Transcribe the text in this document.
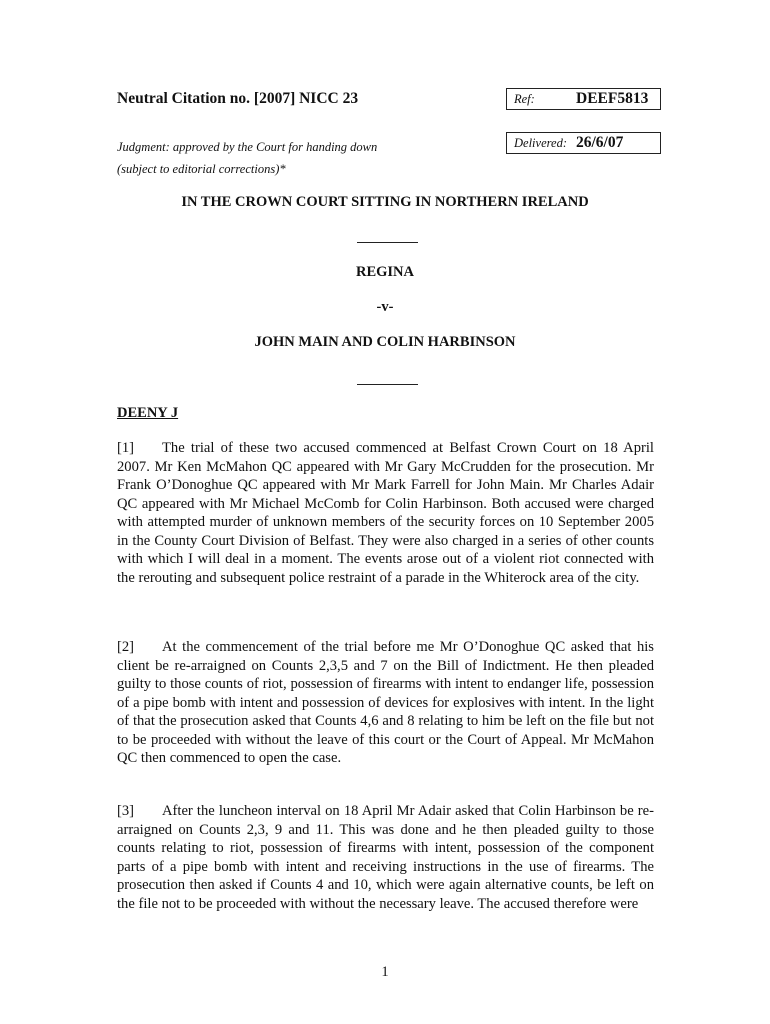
Neutral Citation no. [2007] NICC 23	Ref:	DEEF5813
Judgment: approved by the Court for handing down
(subject to editorial corrections)*
Delivered: 26/6/07
IN THE CROWN COURT SITTING IN NORTHERN IRELAND
REGINA
-v-
JOHN MAIN AND COLIN HARBINSON
DEENY J
[1] The trial of these two accused commenced at Belfast Crown Court on 18 April 2007. Mr Ken McMahon QC appeared with Mr Gary McCrudden for the prosecution. Mr Frank O’Donoghue QC appeared with Mr Mark Farrell for John Main. Mr Charles Adair QC appeared with Mr Michael McComb for Colin Harbinson. Both accused were charged with attempted murder of unknown members of the security forces on 10 September 2005 in the County Court Division of Belfast. They were also charged in a series of other counts with which I will deal in a moment. The events arose out of a violent riot connected with the rerouting and subsequent police restraint of a parade in the Whiterock area of the city.
[2] At the commencement of the trial before me Mr O’Donoghue QC asked that his client be re-arraigned on Counts 2,3,5 and 7 on the Bill of Indictment. He then pleaded guilty to those counts of riot, possession of firearms with intent to endanger life, possession of a pipe bomb with intent and possession of devices for explosives with intent. In the light of that the prosecution asked that Counts 4,6 and 8 relating to him be left on the file but not to be proceeded with without the leave of this court or the Court of Appeal. Mr McMahon QC then commenced to open the case.
[3] After the luncheon interval on 18 April Mr Adair asked that Colin Harbinson be re-arraigned on Counts 2,3, 9 and 11. This was done and he then pleaded guilty to those counts relating to riot, possession of firearms with intent, possession of the component parts of a pipe bomb with intent and receiving instructions in the use of firearms. The prosecution then asked if Counts 4 and 10, which were again alternative counts, be left on the file not to be proceeded with without the necessary leave. The accused therefore were
1
